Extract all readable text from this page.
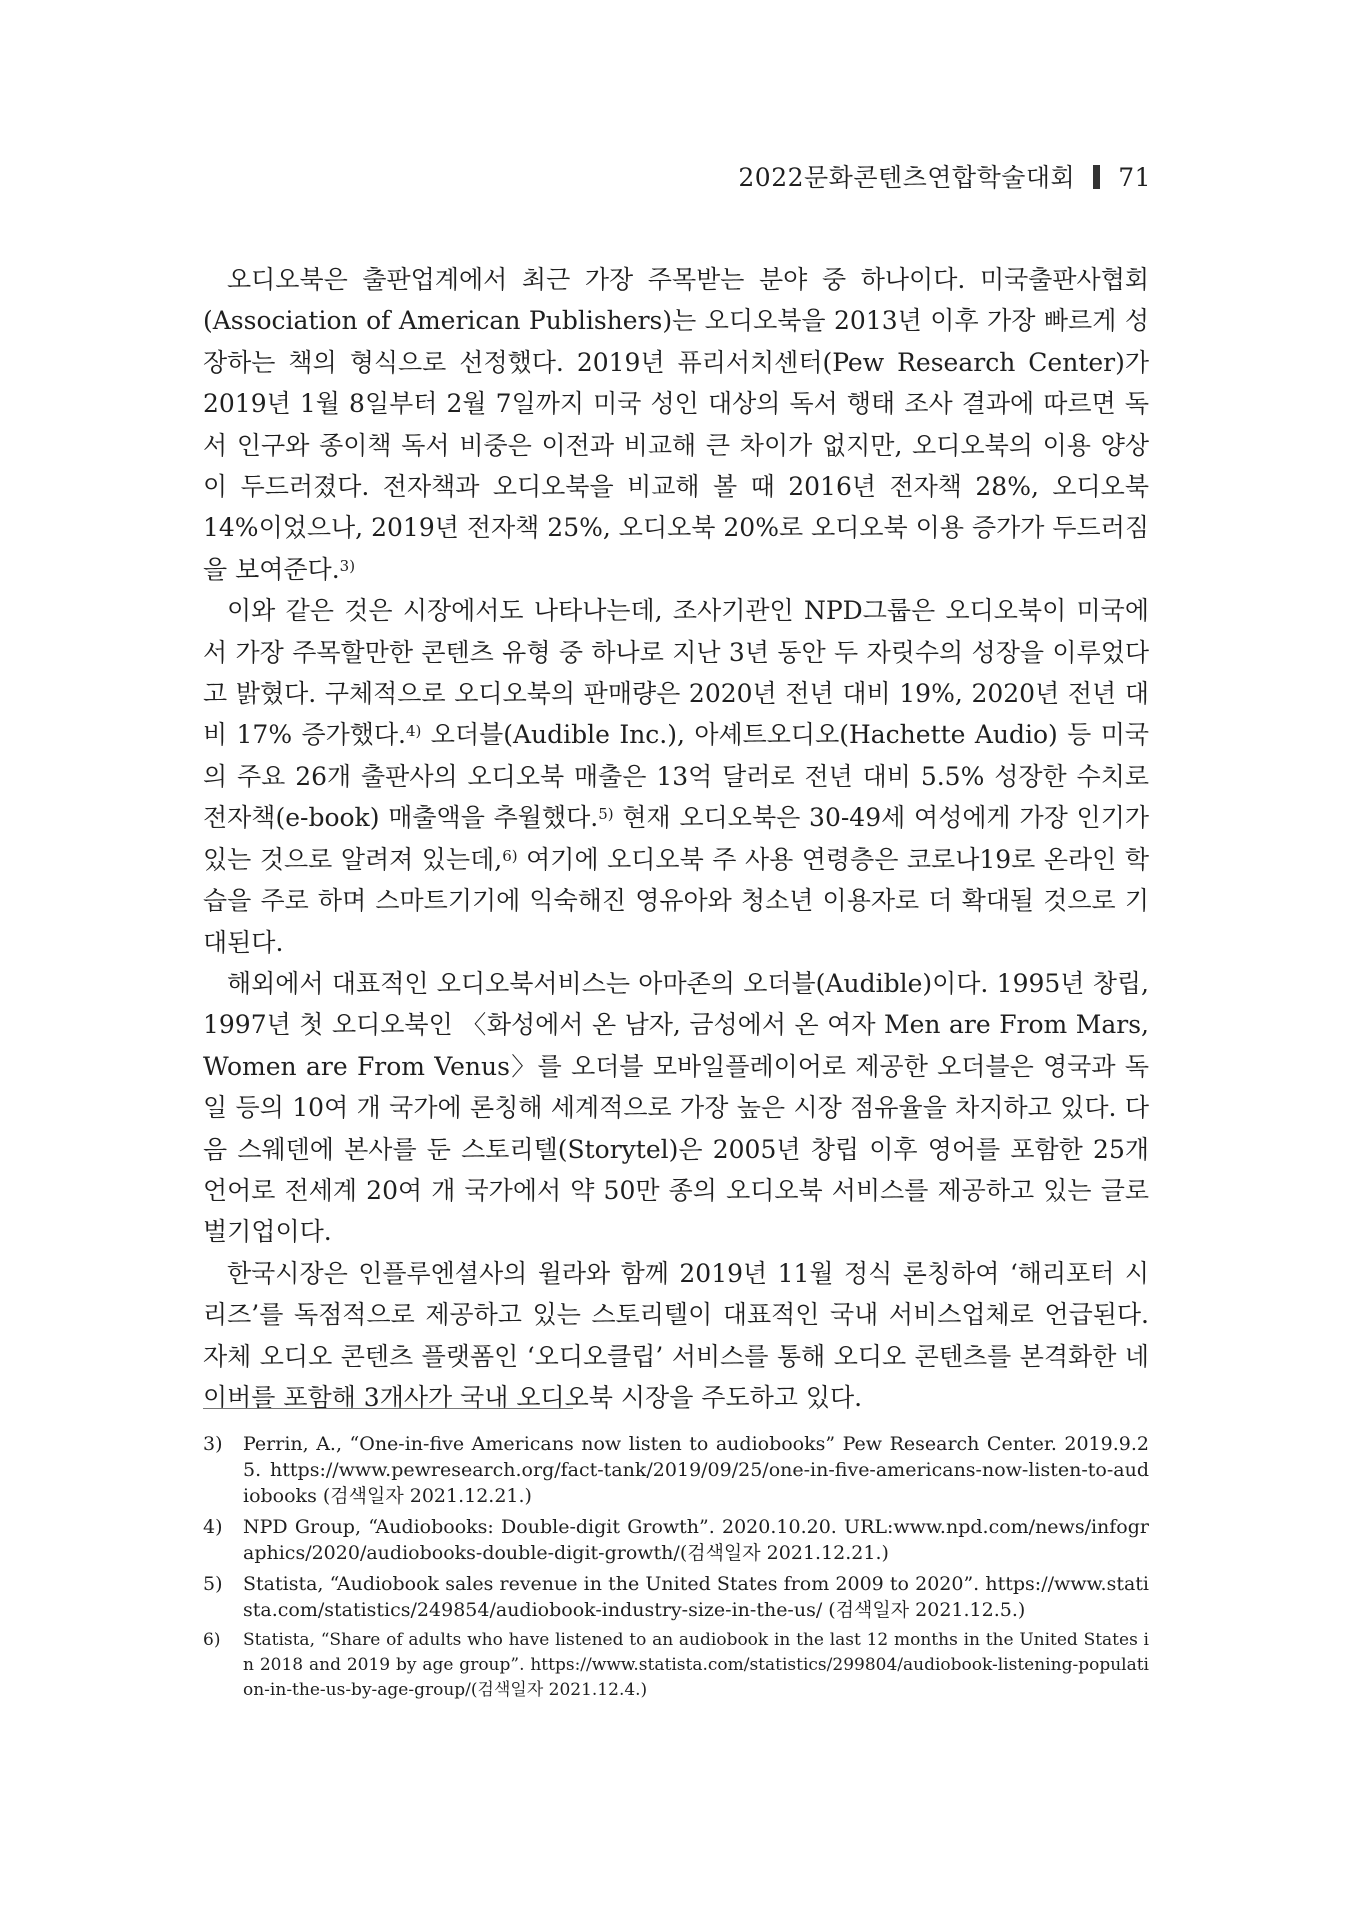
2022문화콘텐츠연합학술대회 71

오디오북은 출판업계에서 최근 가장 주목받는 분야 중 하나이다. 미국출판사협회(Association of American Publishers)는 오디오북을 2013년 이후 가장 빠르게 성장하는 책의 형식으로 선정했다. 2019년 퓨리서치센터(Pew Research Center)가 2019년 1월 8일부터 2월 7일까지 미국 성인 대상의 독서 행태 조사 결과에 따르면 독서 인구와 종이책 독서 비중은 이전과 비교해 큰 차이가 없지만, 오디오북의 이용 양상이 두드러졌다. 전자책과 오디오북을 비교해 볼 때 2016년 전자책 28%, 오디오북 14%이었으나, 2019년 전자책 25%, 오디오북 20%로 오디오북 이용 증가가 두드러짐을 보여준다.$^{3)}$

이와 같은 것은 시장에서도 나타나는데, 조사기관인 NPD그룹은 오디오북이 미국에서 가장 주목할만한 콘텐츠 유형 중 하나로 지난 3년 동안 두 자릿수의 성장을 이루었다고 밝혔다. 구체적으로 오디오북의 판매량은 2020년 전년 대비 19%, 2020년 전년 대비 17% 증가했다.$^{4)}$ 오더블(Audible Inc.), 아셰트오디오(Hachette Audio) 등 미국의 주요 26개 출판사의 오디오북 매출은 13억 달러로 전년 대비 5.5% 성장한 수치로 전자책(e-book) 매출액을 추월했다.$^{5)}$ 현재 오디오북은 30-49세 여성에게 가장 인기가 있는 것으로 알려져 있는데,$^{6)}$ 여기에 오디오북 주 사용 연령층은 코로나19로 온라인 학습을 주로 하며 스마트기기에 익숙해진 영유아와 청소년 이용자로 더 확대될 것으로 기대된다.

해외에서 대표적인 오디오북서비스는 아마존의 오더블(Audible)이다. 1995년 창립, 1997년 첫 오디오북인 〈화성에서 온 남자, 금성에서 온 여자 Men are From Mars, Women are From Venus〉를 오더블 모바일플레이어로 제공한 오더블은 영국과 독일 등의 10여 개 국가에 론칭해 세계적으로 가장 높은 시장 점유율을 차지하고 있다. 다음 스웨덴에 본사를 둔 스토리텔(Storytel)은 2005년 창립 이후 영어를 포함한 25개 언어로 전세계 20여 개 국가에서 약 50만 종의 오디오북 서비스를 제공하고 있는 글로벌기업이다.

한국시장은 인플루엔셜사의 윌라와 함께 2019년 11월 정식 론칭하여 ‘해리포터 시리즈’를 독점적으로 제공하고 있는 스토리텔이 대표적인 국내 서비스업체로 언급된다. 자체 오디오 콘텐츠 플랫폼인 ‘오디오클립’ 서비스를 통해 오디오 콘텐츠를 본격화한 네이버를 포함해 3개사가 국내 오디오북 시장을 주도하고 있다.

3)	Perrin, A., “One-in-five Americans now listen to audiobooks” Pew Research Center. 2019.9.25. https://www.pewresearch.org/fact-tank/2019/09/25/one-in-five-americans-now-listen-to-audiobooks (검색일자 2021.12.21.)
4)	NPD Group, “Audiobooks: Double-digit Growth”. 2020.10.20. URL:www.npd.com/news/infographics/2020/audiobooks-double-digit-growth/(검색일자 2021.12.21.)
5)	Statista, “Audiobook sales revenue in the United States from 2009 to 2020”. https://www.statista.com/statistics/249854/audiobook-industry-size-in-the-us/ (검색일자 2021.12.5.)
6)	Statista, “Share of adults who have listened to an audiobook in the last 12 months in the United States in 2018 and 2019 by age group”. https://www.statista.com/statistics/299804/audiobook-listening-population-in-the-us-by-age-group/(검색일자 2021.12.4.)
